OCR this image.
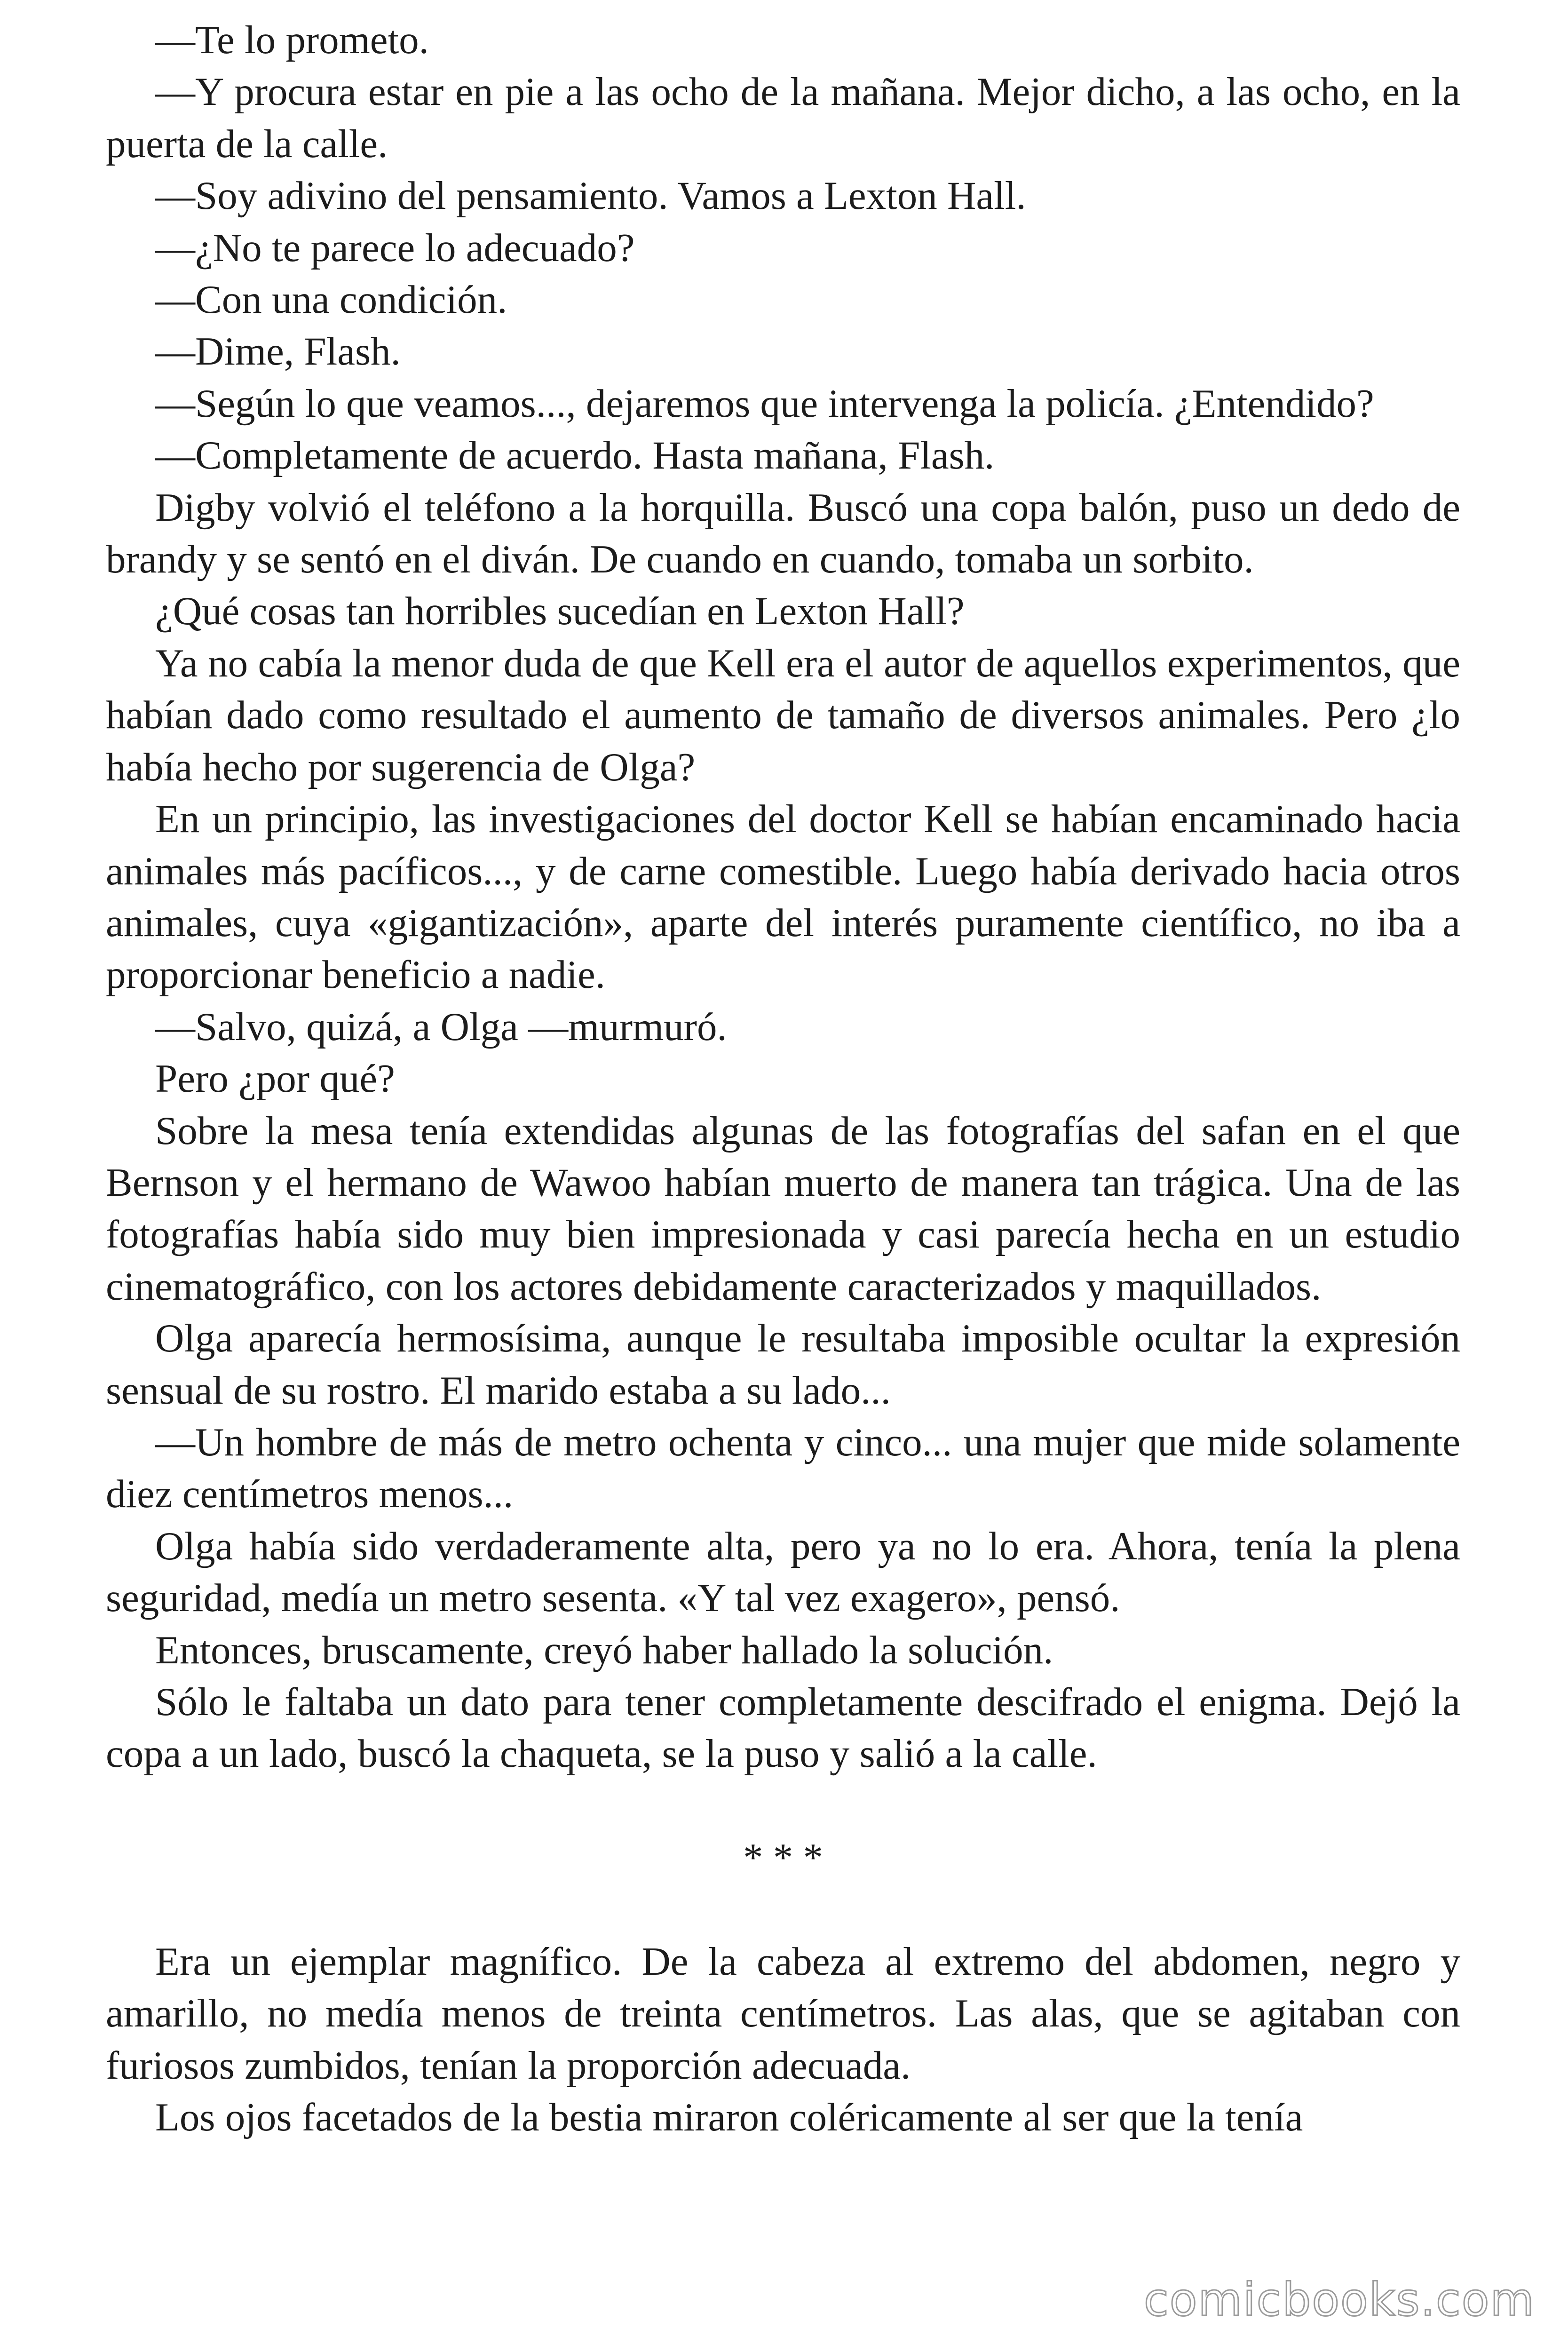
—Te lo prometo.

—Y procura estar en pie a las ocho de la mañana. Mejor dicho, a las ocho, en la puerta de la calle.

—Soy adivino del pensamiento. Vamos a Lexton Hall.

—¿No te parece lo adecuado?

—Con una condición.

—Dime, Flash.

—Según lo que veamos..., dejaremos que intervenga la policía. ¿Entendido?

—Completamente de acuerdo. Hasta mañana, Flash.

Digby volvió el teléfono a la horquilla. Buscó una copa balón, puso un dedo de brandy y se sentó en el diván. De cuando en cuando, tomaba un sorbito.

¿Qué cosas tan horribles sucedían en Lexton Hall?

Ya no cabía la menor duda de que Kell era el autor de aquellos experimentos, que habían dado como resultado el aumento de tamaño de diversos animales. Pero ¿lo había hecho por sugerencia de Olga?

En un principio, las investigaciones del doctor Kell se habían encaminado hacia animales más pacíficos..., y de carne comestible. Luego había derivado hacia otros animales, cuya «gigantización», aparte del interés puramente científico, no iba a proporcionar beneficio a nadie.

—Salvo, quizá, a Olga —murmuró.

Pero ¿por qué?

Sobre la mesa tenía extendidas algunas de las fotografías del safan en el que Bernson y el hermano de Wawoo habían muerto de manera tan trágica. Una de las fotografías había sido muy bien impresionada y casi parecía hecha en un estudio cinematográfico, con los actores debidamente caracterizados y maquillados.

Olga aparecía hermosísima, aunque le resultaba imposible ocultar la expresión sensual de su rostro. El marido estaba a su lado...

—Un hombre de más de metro ochenta y cinco... una mujer que mide solamente diez centímetros menos...

Olga había sido verdaderamente alta, pero ya no lo era. Ahora, tenía la plena seguridad, medía un metro sesenta. «Y tal vez exagero», pensó.

Entonces, bruscamente, creyó haber hallado la solución.

Sólo le faltaba un dato para tener completamente descifrado el enigma. Dejó la copa a un lado, buscó la chaqueta, se la puso y salió a la calle.

* * *

Era un ejemplar magnífico. De la cabeza al extremo del abdomen, negro y amarillo, no medía menos de treinta centímetros. Las alas, que se agitaban con furiosos zumbidos, tenían la proporción adecuada.

Los ojos facetados de la bestia miraron coléricamente al ser que la tenía

comicbooks.com
